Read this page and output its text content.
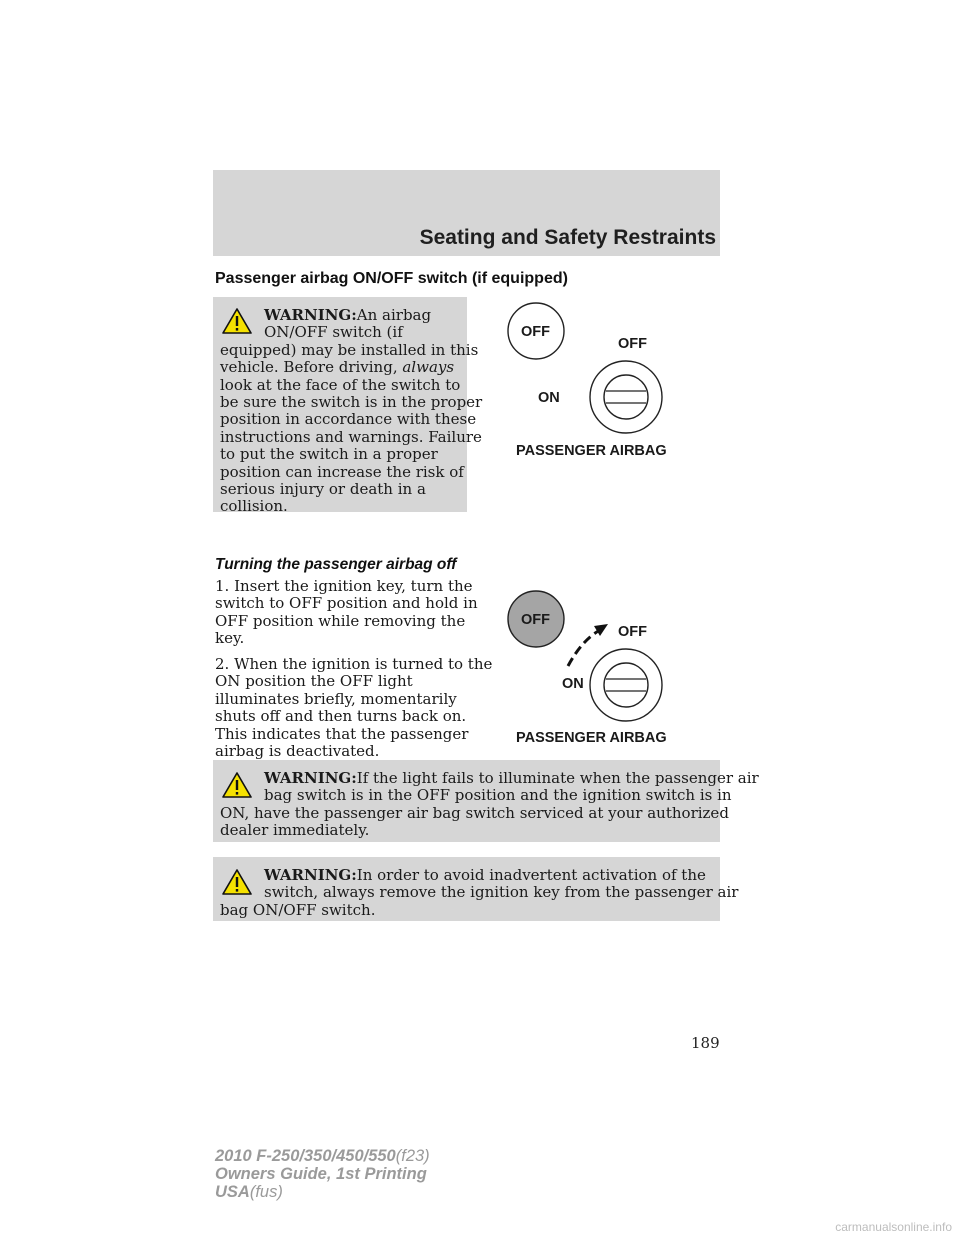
Seating and Safety Restraints
Passenger airbag ON/OFF switch (if equipped)
WARNING:An airbag
ON/OFF switch (if
equipped) may be installed in this
vehicle. Before driving, always
look at the face of the switch to
be sure the switch is in the proper
position in accordance with these
instructions and warnings. Failure
to put the switch in a proper
position can increase the risk of
serious injury or death in a
collision.
OFF
OFF
ON
PASSENGER AIRBAG
Turning the passenger airbag off
1. Insert the ignition key, turn the
switch to OFF position and hold in
OFF position while removing the
key.
2. When the ignition is turned to the
ON position the OFF light
illuminates briefly, momentarily
shuts off and then turns back on.
This indicates that the passenger
airbag is deactivated.
OFF
OFF
ON
PASSENGER AIRBAG
WARNING:If the light fails to illuminate when the passenger air
bag switch is in the OFF position and the ignition switch is in
ON, have the passenger air bag switch serviced at your authorized
dealer immediately.
WARNING:In order to avoid inadvertent activation of the
switch, always remove the ignition key from the passenger air
bag ON/OFF switch.
189
2010 F-250/350/450/550(f23)
Owners Guide, 1st Printing
USA(fus)
carmanualsonline.info
